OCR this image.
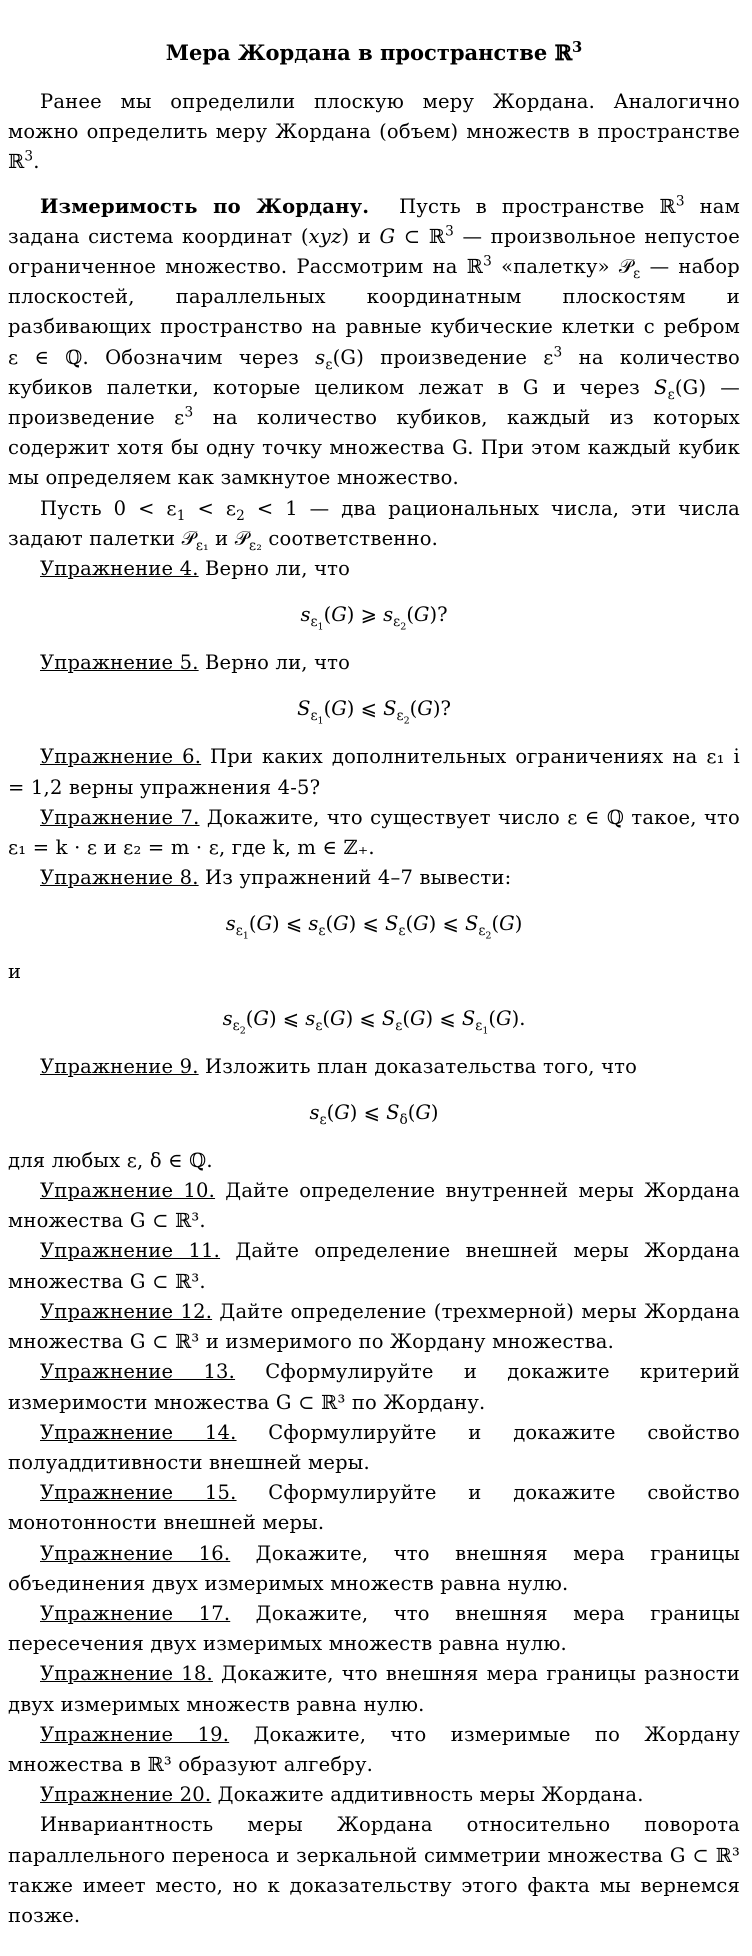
Мера Жордана в пространстве ℝ$^3$

Ранее мы определили плоскую меру Жордана. Аналогично можно определить меру Жордана (объем) множеств в пространстве ℝ$^3$.

Измеримость по Жордану. Пусть в пространстве ℝ$^3$ нам задана система координат (xyz) и G ⊂ ℝ$^3$ — произвольное непустое ограниченное множество. Рассмотрим на ℝ$^3$ «палетку» 𝒫$_\varepsilon$ — набор плоскостей, параллельных координатным плоскостям и разбивающих пространство на равные кубические клетки с ребром ε ∈ ℚ. Обозначим через $s_\varepsilon(G)$ произведение $\varepsilon^3$ на количество кубиков палетки, которые целиком лежат в G и через $S_\varepsilon(G)$ — произведение $\varepsilon^3$ на количество кубиков, каждый из которых содержит хотя бы одну точку множества G. При этом каждый кубик мы определяем как замкнутое множество.

Пусть $0 < \varepsilon_1 < \varepsilon_2 < 1$ — два рациональных числа, эти числа задают палетки 𝒫$_{\varepsilon_1}$ и 𝒫$_{\varepsilon_2}$ соответственно.

Упражнение 4. Верно ли, что

$s_{\varepsilon_1}(G)$ ⩾ $s_{\varepsilon_2}(G)$?

Упражнение 5. Верно ли, что

$S_{\varepsilon_1}(G)$ ⩽ $S_{\varepsilon_2}(G)$?

Упражнение 6. При каких дополнительных ограничениях на ε₁ i = 1,2 верны упражнения 4-5?

Упражнение 7. Докажите, что существует число ε ∈ ℚ такое, что ε₁ = k · ε и ε₂ = m · ε, где k, m ∈ ℤ₊.

Упражнение 8. Из упражнений 4–7 вывести:

$s_{\varepsilon_1}(G)$ ⩽ $s_\varepsilon(G)$ ⩽ $S_\varepsilon(G)$ ⩽ $S_{\varepsilon_2}(G)$

и

$s_{\varepsilon_2}(G)$ ⩽ $s_\varepsilon(G)$ ⩽ $S_\varepsilon(G)$ ⩽ $S_{\varepsilon_1}(G)$.

Упражнение 9. Изложить план доказательства того, что

$s_\varepsilon(G)$ ⩽ $S_\delta(G)$

для любых ε, δ ∈ ℚ.

Упражнение 10. Дайте определение внутренней меры Жордана множества G ⊂ ℝ³.

Упражнение 11. Дайте определение внешней меры Жордана множества G ⊂ ℝ³.

Упражнение 12. Дайте определение (трехмерной) меры Жордана множества G ⊂ ℝ³ и измеримого по Жордану множества.

Упражнение 13. Сформулируйте и докажите критерий измеримости множества G ⊂ ℝ³ по Жордану.

Упражнение 14. Сформулируйте и докажите свойство полуаддитивности внешней меры.

Упражнение 15. Сформулируйте и докажите свойство монотонности внешней меры.

Упражнение 16. Докажите, что внешняя мера границы объединения двух измеримых множеств равна нулю.

Упражнение 17. Докажите, что внешняя мера границы пересечения двух измеримых множеств равна нулю.

Упражнение 18. Докажите, что внешняя мера границы разности двух измеримых множеств равна нулю.

Упражнение 19. Докажите, что измеримые по Жордану множества в ℝ³ образуют алгебру.

Упражнение 20. Докажите аддитивность меры Жордана.

Инвариантность меры Жордана относительно поворота параллельного переноса и зеркальной симметрии множества G ⊂ ℝ³ также имеет место, но к доказательству этого факта мы вернемся позже.
